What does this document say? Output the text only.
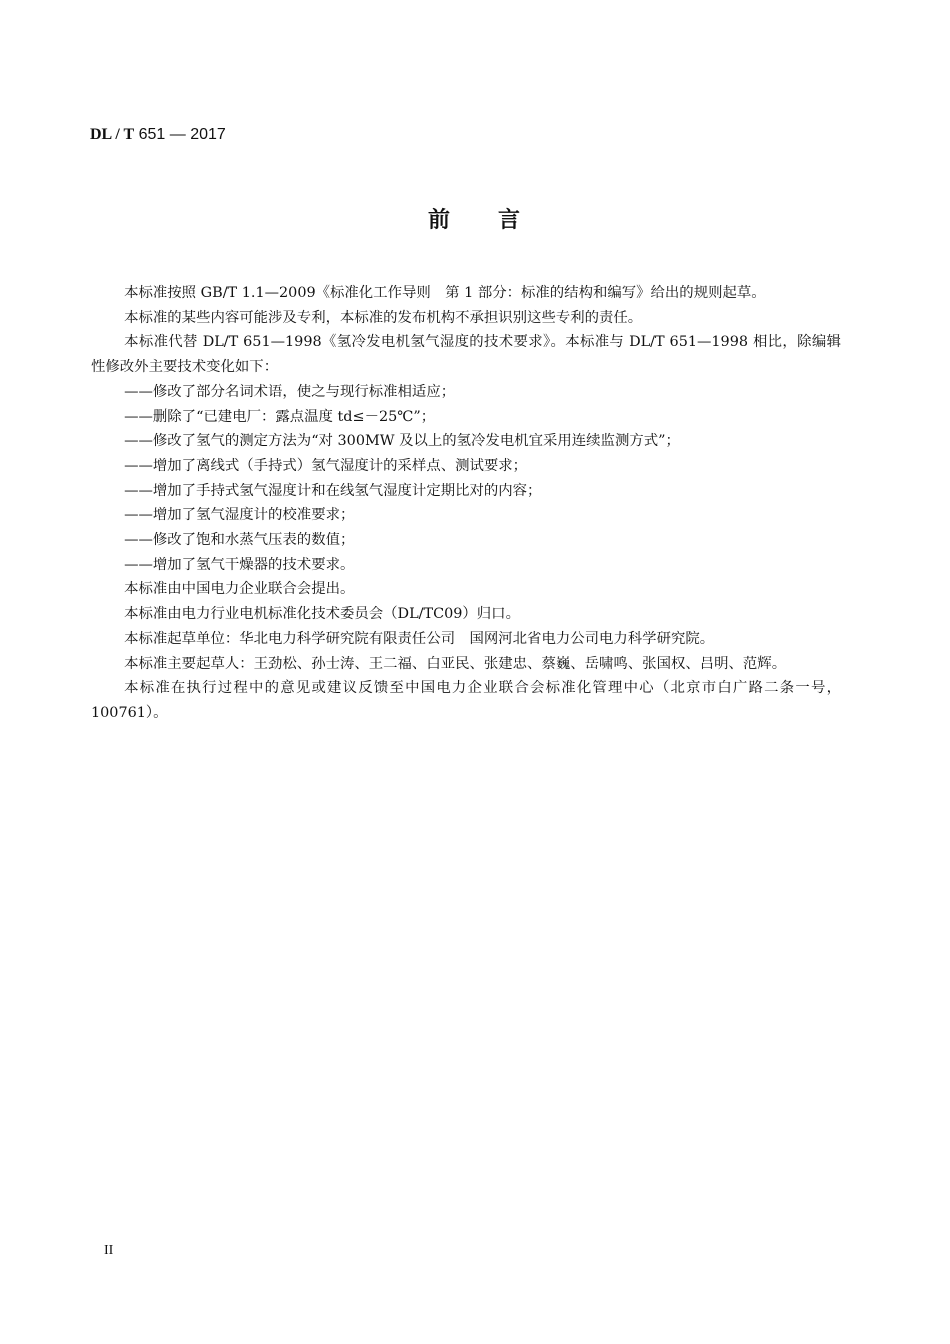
DL / T 651 — 2017
前 言

本标准按照 GB/T 1.1—2009《标准化工作导则　第 1 部分：标准的结构和编写》给出的规则起草。

本标准的某些内容可能涉及专利，本标准的发布机构不承担识别这些专利的责任。

本标准代替 DL/T 651—1998《氢冷发电机氢气湿度的技术要求》。本标准与 DL/T 651—1998 相比，除编辑性修改外主要技术变化如下：

——修改了部分名词术语，使之与现行标准相适应；

——删除了“已建电厂：露点温度 td≤－25℃”；

——修改了氢气的测定方法为“对 300MW 及以上的氢冷发电机宜采用连续监测方式”；

——增加了离线式（手持式）氢气湿度计的采样点、测试要求；

——增加了手持式氢气湿度计和在线氢气湿度计定期比对的内容；

——增加了氢气湿度计的校准要求；

——修改了饱和水蒸气压表的数值；

——增加了氢气干燥器的技术要求。

本标准由中国电力企业联合会提出。

本标准由电力行业电机标准化技术委员会（DL/TC09）归口。

本标准起草单位：华北电力科学研究院有限责任公司　国网河北省电力公司电力科学研究院。

本标准主要起草人：王劲松、孙士涛、王二福、白亚民、张建忠、蔡巍、岳啸鸣、张国权、吕明、范辉。

本标准在执行过程中的意见或建议反馈至中国电力企业联合会标准化管理中心（北京市白广路二条一号，100761）。

II
